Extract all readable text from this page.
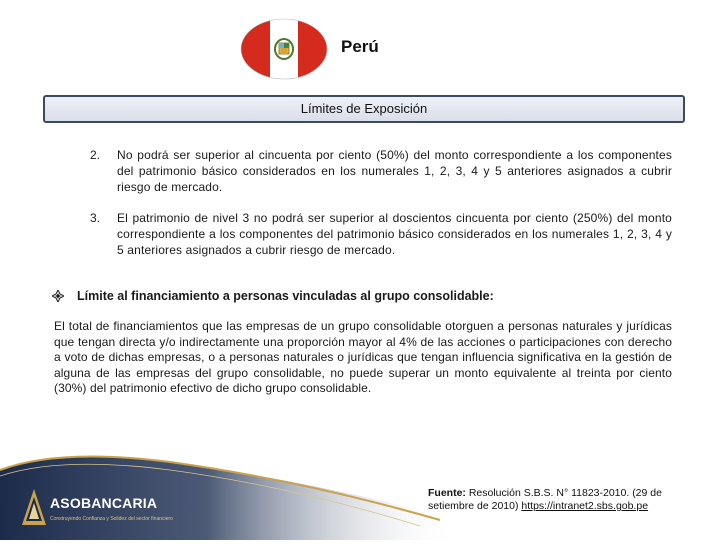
Perú
Límites de Exposición
2.	No podrá ser superior al cincuenta por ciento (50%) del monto correspondiente a los componentes del patrimonio básico considerados en los numerales 1, 2, 3, 4 y 5 anteriores asignados a cubrir riesgo de mercado.
3.	El patrimonio de nivel 3 no podrá ser superior al doscientos cincuenta por ciento (250%) del monto correspondiente a los componentes del patrimonio básico considerados en los numerales 1, 2, 3, 4 y 5 anteriores asignados a cubrir riesgo de mercado.
Límite al financiamiento a personas vinculadas al grupo consolidable:
El total de financiamientos que las empresas de un grupo consolidable otorguen a personas naturales y jurídicas que tengan directa y/o indirectamente una proporción mayor al 4% de las acciones o participaciones con derecho a voto de dichas empresas, o a personas naturales o jurídicas que tengan influencia significativa en la gestión de alguna de las empresas del grupo consolidable, no puede superar un monto equivalente al treinta por ciento (30%) del patrimonio efectivo de dicho grupo consolidable.
ASOBANCARIA
Construyendo Confianza y Solidez del sector financiero
Fuente: Resolución S.B.S. N° 11823-2010. (29 de setiembre de 2010) https://intranet2.sbs.gob.pe
